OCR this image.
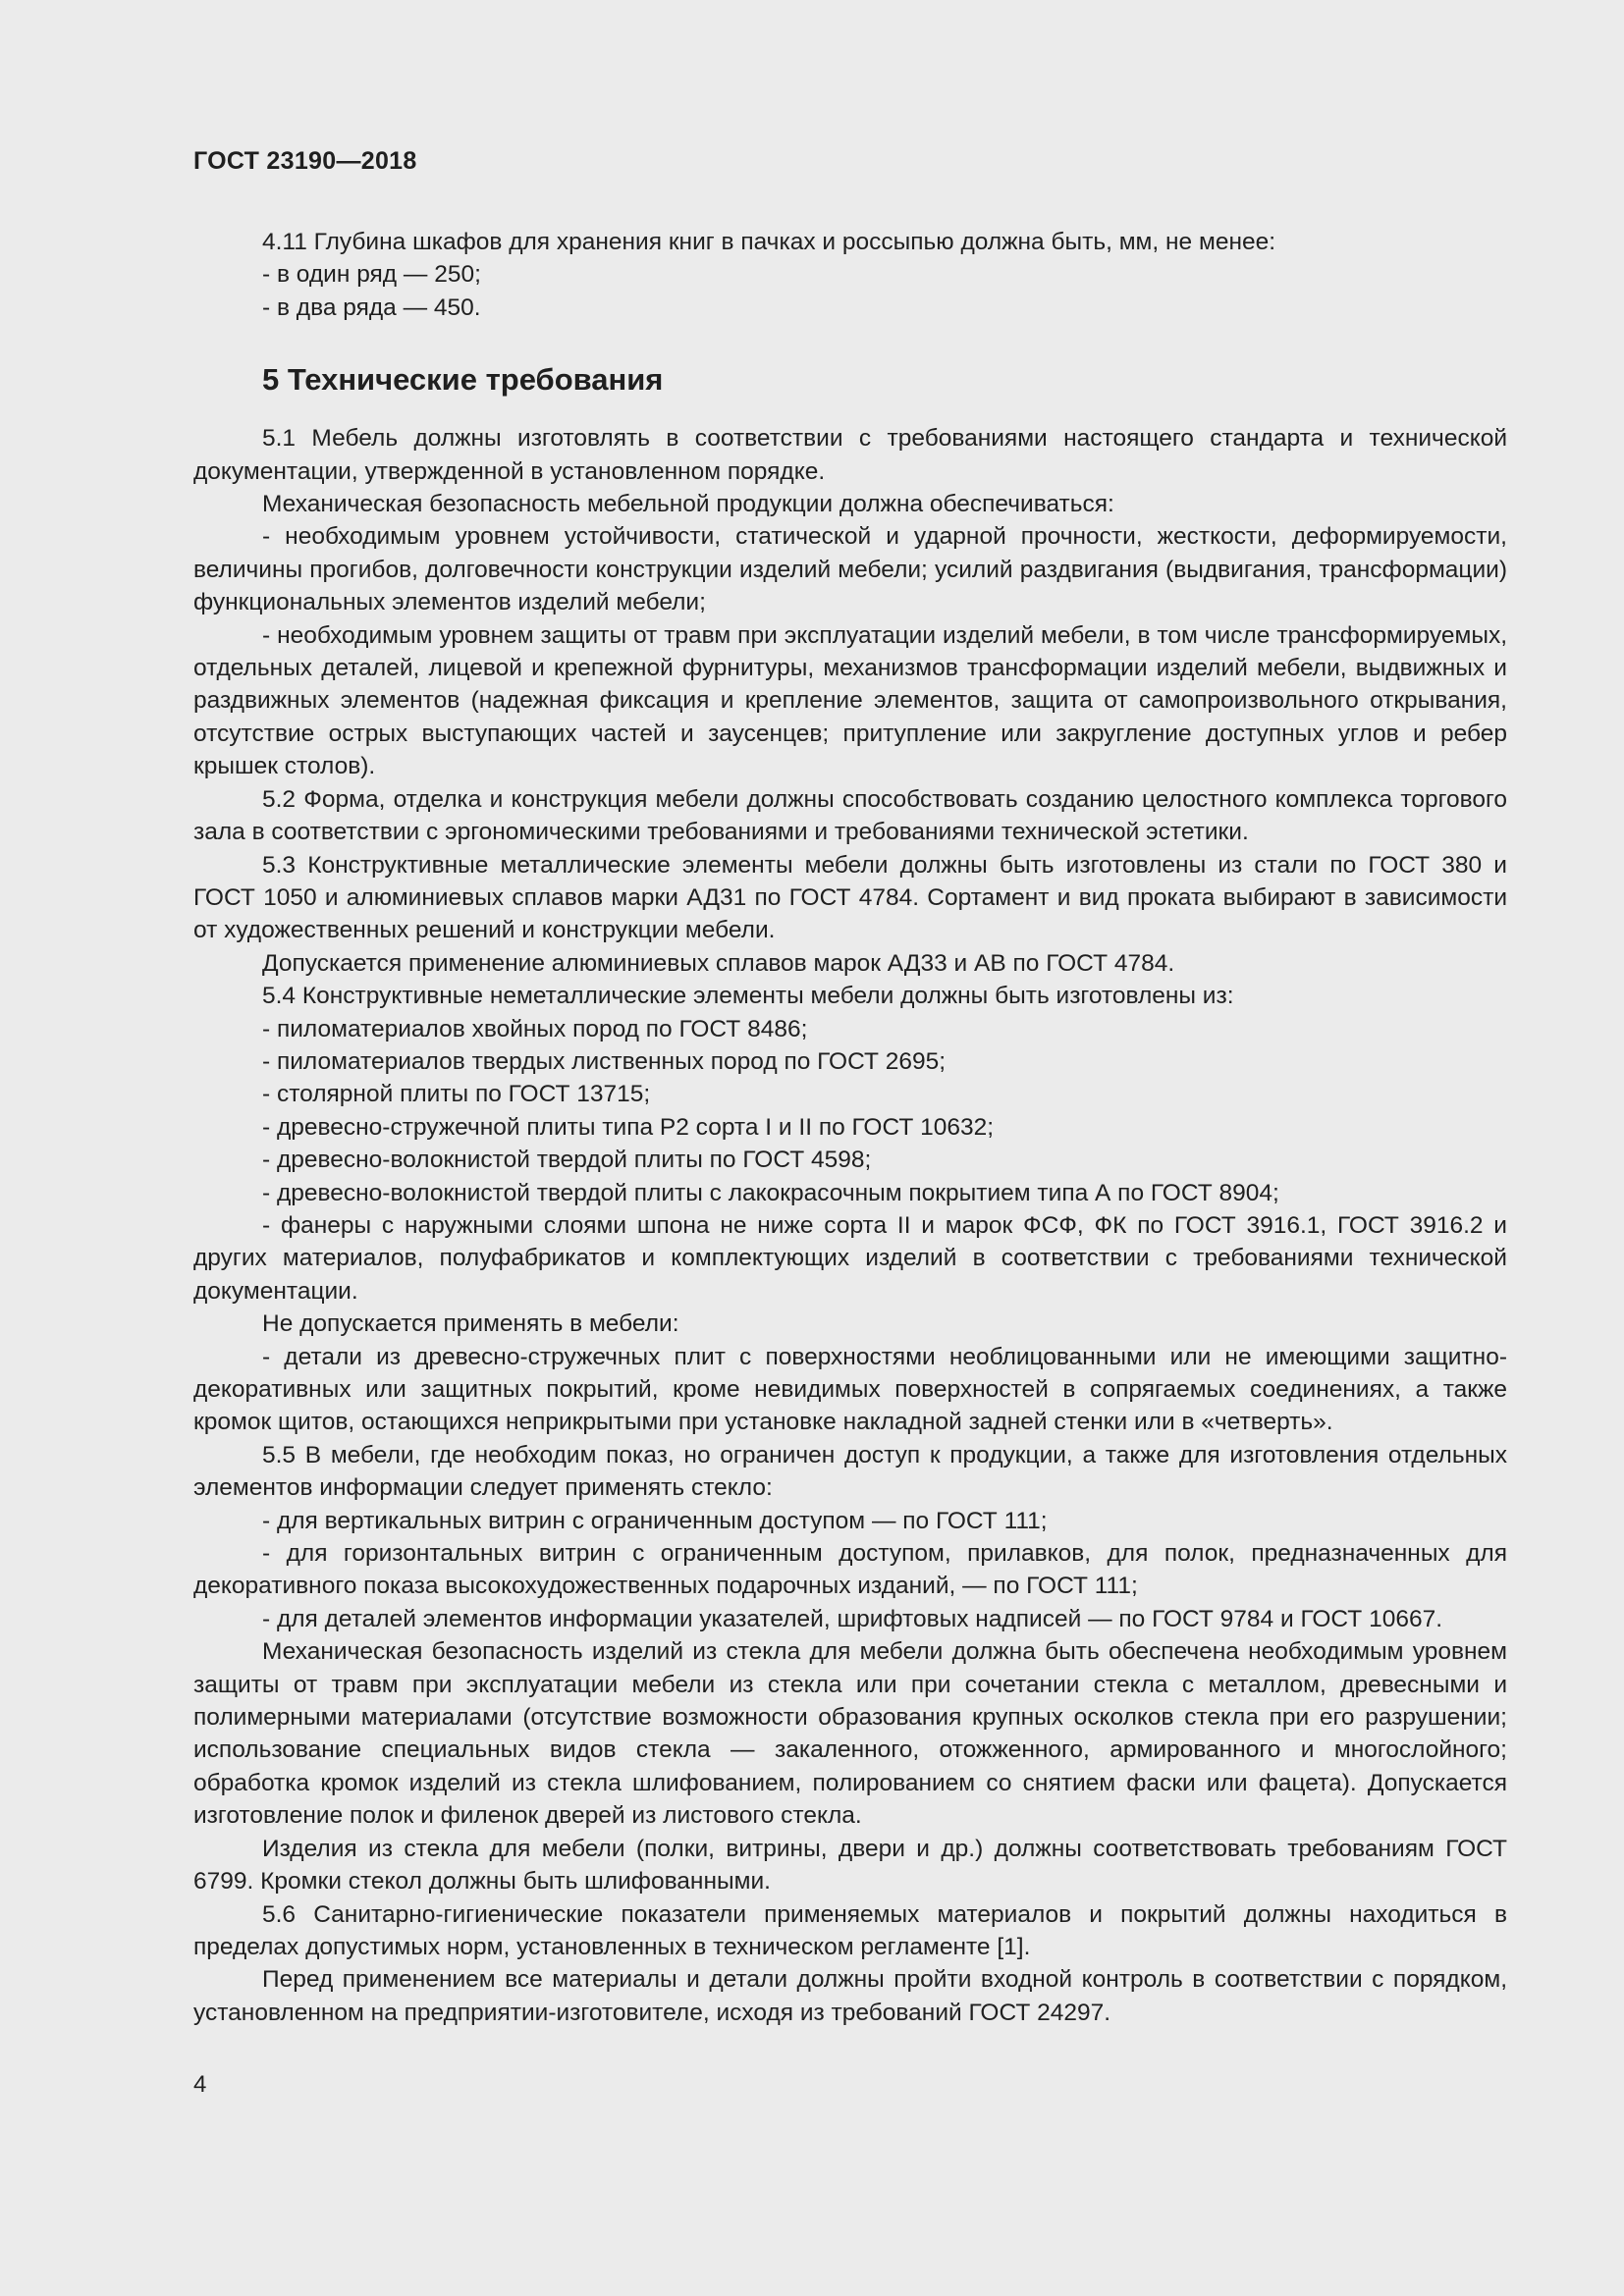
ГОСТ 23190—2018

4.11 Глубина шкафов для хранения книг в пачках и россыпью должна быть, мм, не менее:

- в один ряд — 250;

- в два ряда — 450.

5 Технические требования

5.1 Мебель должны изготовлять в соответствии с требованиями настоящего стандарта и технической документации, утвержденной в установленном порядке.

Механическая безопасность мебельной продукции должна обеспечиваться:

- необходимым уровнем устойчивости, статической и ударной прочности, жесткости, деформируемости, величины прогибов, долговечности конструкции изделий мебели; усилий раздвигания (выдвигания, трансформации) функциональных элементов изделий мебели;

- необходимым уровнем защиты от травм при эксплуатации изделий мебели, в том числе трансформируемых, отдельных деталей, лицевой и крепежной фурнитуры, механизмов трансформации изделий мебели, выдвижных и раздвижных элементов (надежная фиксация и крепление элементов, защита от самопроизвольного открывания, отсутствие острых выступающих частей и заусенцев; притупление или закругление доступных углов и ребер крышек столов).

5.2 Форма, отделка и конструкция мебели должны способствовать созданию целостного комплекса торгового зала в соответствии с эргономическими требованиями и требованиями технической эстетики.

5.3 Конструктивные металлические элементы мебели должны быть изготовлены из стали по ГОСТ 380 и ГОСТ 1050 и алюминиевых сплавов марки АД31 по ГОСТ 4784. Сортамент и вид проката выбирают в зависимости от художественных решений и конструкции мебели.

Допускается применение алюминиевых сплавов марок АД33 и АВ по ГОСТ 4784.

5.4 Конструктивные неметаллические элементы мебели должны быть изготовлены из:

- пиломатериалов хвойных пород по ГОСТ 8486;

- пиломатериалов твердых лиственных пород по ГОСТ 2695;

- столярной плиты по ГОСТ 13715;

- древесно-стружечной плиты типа Р2 сорта I и II по ГОСТ 10632;

- древесно-волокнистой твердой плиты по ГОСТ 4598;

- древесно-волокнистой твердой плиты с лакокрасочным покрытием типа А по ГОСТ 8904;

- фанеры с наружными слоями шпона не ниже сорта II и марок ФСФ, ФК по ГОСТ 3916.1, ГОСТ 3916.2 и других материалов, полуфабрикатов и комплектующих изделий в соответствии с требованиями технической документации.

Не допускается применять в мебели:

- детали из древесно-стружечных плит с поверхностями необлицованными или не имеющими защитно-декоративных или защитных покрытий, кроме невидимых поверхностей в сопрягаемых соединениях, а также кромок щитов, остающихся неприкрытыми при установке накладной задней стенки или в «четверть».

5.5 В мебели, где необходим показ, но ограничен доступ к продукции, а также для изготовления отдельных элементов информации следует применять стекло:

- для вертикальных витрин с ограниченным доступом — по ГОСТ 111;

- для горизонтальных витрин с ограниченным доступом, прилавков, для полок, предназначенных для декоративного показа высокохудожественных подарочных изданий, — по ГОСТ 111;

- для деталей элементов информации указателей, шрифтовых надписей — по ГОСТ 9784 и ГОСТ 10667.

Механическая безопасность изделий из стекла для мебели должна быть обеспечена необходимым уровнем защиты от травм при эксплуатации мебели из стекла или при сочетании стекла с металлом, древесными и полимерными материалами (отсутствие возможности образования крупных осколков стекла при его разрушении; использование специальных видов стекла — закаленного, отожженного, армированного и многослойного; обработка кромок изделий из стекла шлифованием, полированием со снятием фаски или фацета). Допускается изготовление полок и филенок дверей из листового стекла.

Изделия из стекла для мебели (полки, витрины, двери и др.) должны соответствовать требованиям ГОСТ 6799. Кромки стекол должны быть шлифованными.

5.6 Санитарно-гигиенические показатели применяемых материалов и покрытий должны находиться в пределах допустимых норм, установленных в техническом регламенте [1].

Перед применением все материалы и детали должны пройти входной контроль в соответствии с порядком, установленном на предприятии-изготовителе, исходя из требований ГОСТ 24297.

4
